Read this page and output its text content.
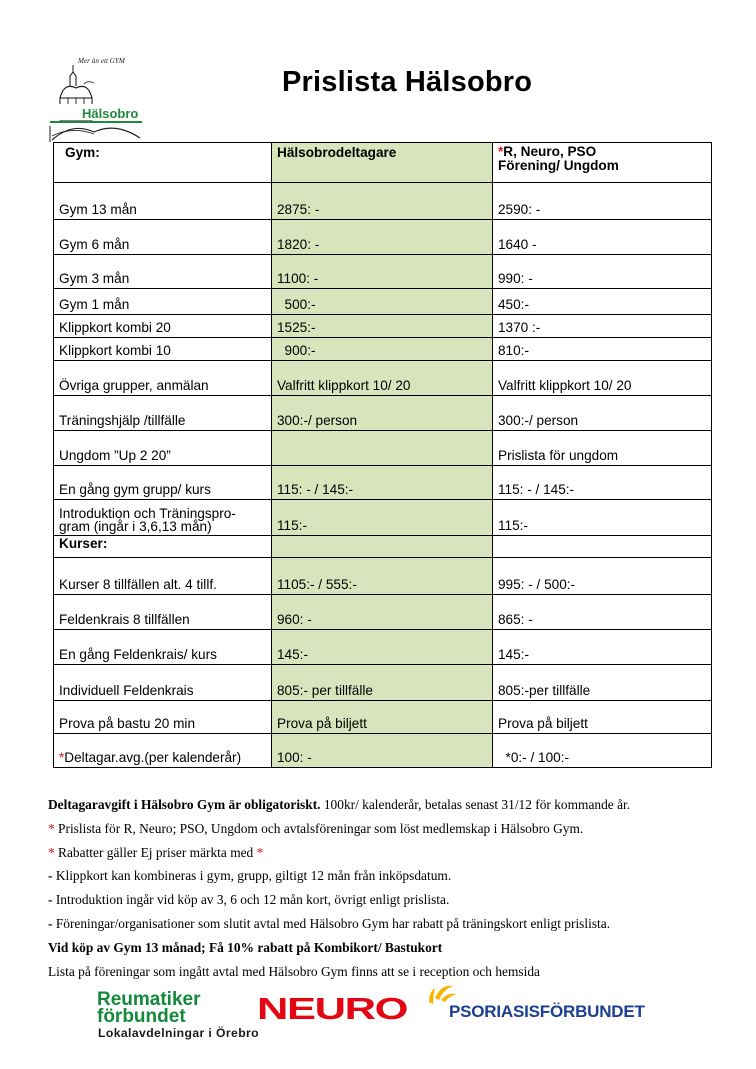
Mer än ett GYM
Hälsobro
Prislista Hälsobro
Gym:	Hälsobrodeltagare	*R, Neuro, PSO
Förening/ Ungdom
Gym 13 mån	2875: -	2590: -
Gym 6 mån	1820: -	1640 -
Gym 3 mån	1100: -	990: -
Gym 1 mån	500:-	450:-
Klippkort kombi 20	1525:-	1370 :-
Klippkort kombi 10	900:-	810:-
Övriga grupper, anmälan	Valfritt klippkort 10/ 20	Valfritt klippkort 10/ 20
Träningshjälp /tillfälle	300:-/ person	300:-/ person
Ungdom ”Up 2 20”		Prislista för ungdom
En gång gym grupp/ kurs	115: - / 145:-	115: - / 145:-
Introduktion och Träningspro-gram (ingår i 3,6,13 mån)	115:-	115:-
Kurser:		
Kurser 8 tillfällen alt. 4 tillf.	1105:- / 555:-	995: - / 500:-
Feldenkrais 8 tillfällen	960: -	865: -
En gång Feldenkrais/ kurs	145:-	145:-
Individuell Feldenkrais	805:- per tillfälle	805:-per tillfälle
Prova på bastu 20 min	Prova på biljett	Prova på biljett
*Deltagar.avg.(per kalenderår)	100: -	*0:- / 100:-
Deltagaravgift i Hälsobro Gym är obligatoriskt. 100kr/ kalenderår, betalas senast 31/12 för kommande år.
* Prislista för R, Neuro; PSO, Ungdom och avtalsföreningar som löst medlemskap i Hälsobro Gym.
* Rabatter gäller Ej priser märkta med *
- Klippkort kan kombineras i gym, grupp, giltigt 12 mån från inköpsdatum.
- Introduktion ingår vid köp av 3, 6 och 12 mån kort, övrigt enligt prislista.
- Föreningar/organisationer som slutit avtal med Hälsobro Gym har rabatt på träningskort enligt prislista.
Vid köp av Gym 13 månad; Få 10% rabatt på Kombikort/ Bastukort
Lista på föreningar som ingått avtal med Hälsobro Gym finns att se i reception och hemsida
Reumatiker
förbundet
Lokalavdelningar i Örebro
NEURO PSORIASISFÖRBUNDET
